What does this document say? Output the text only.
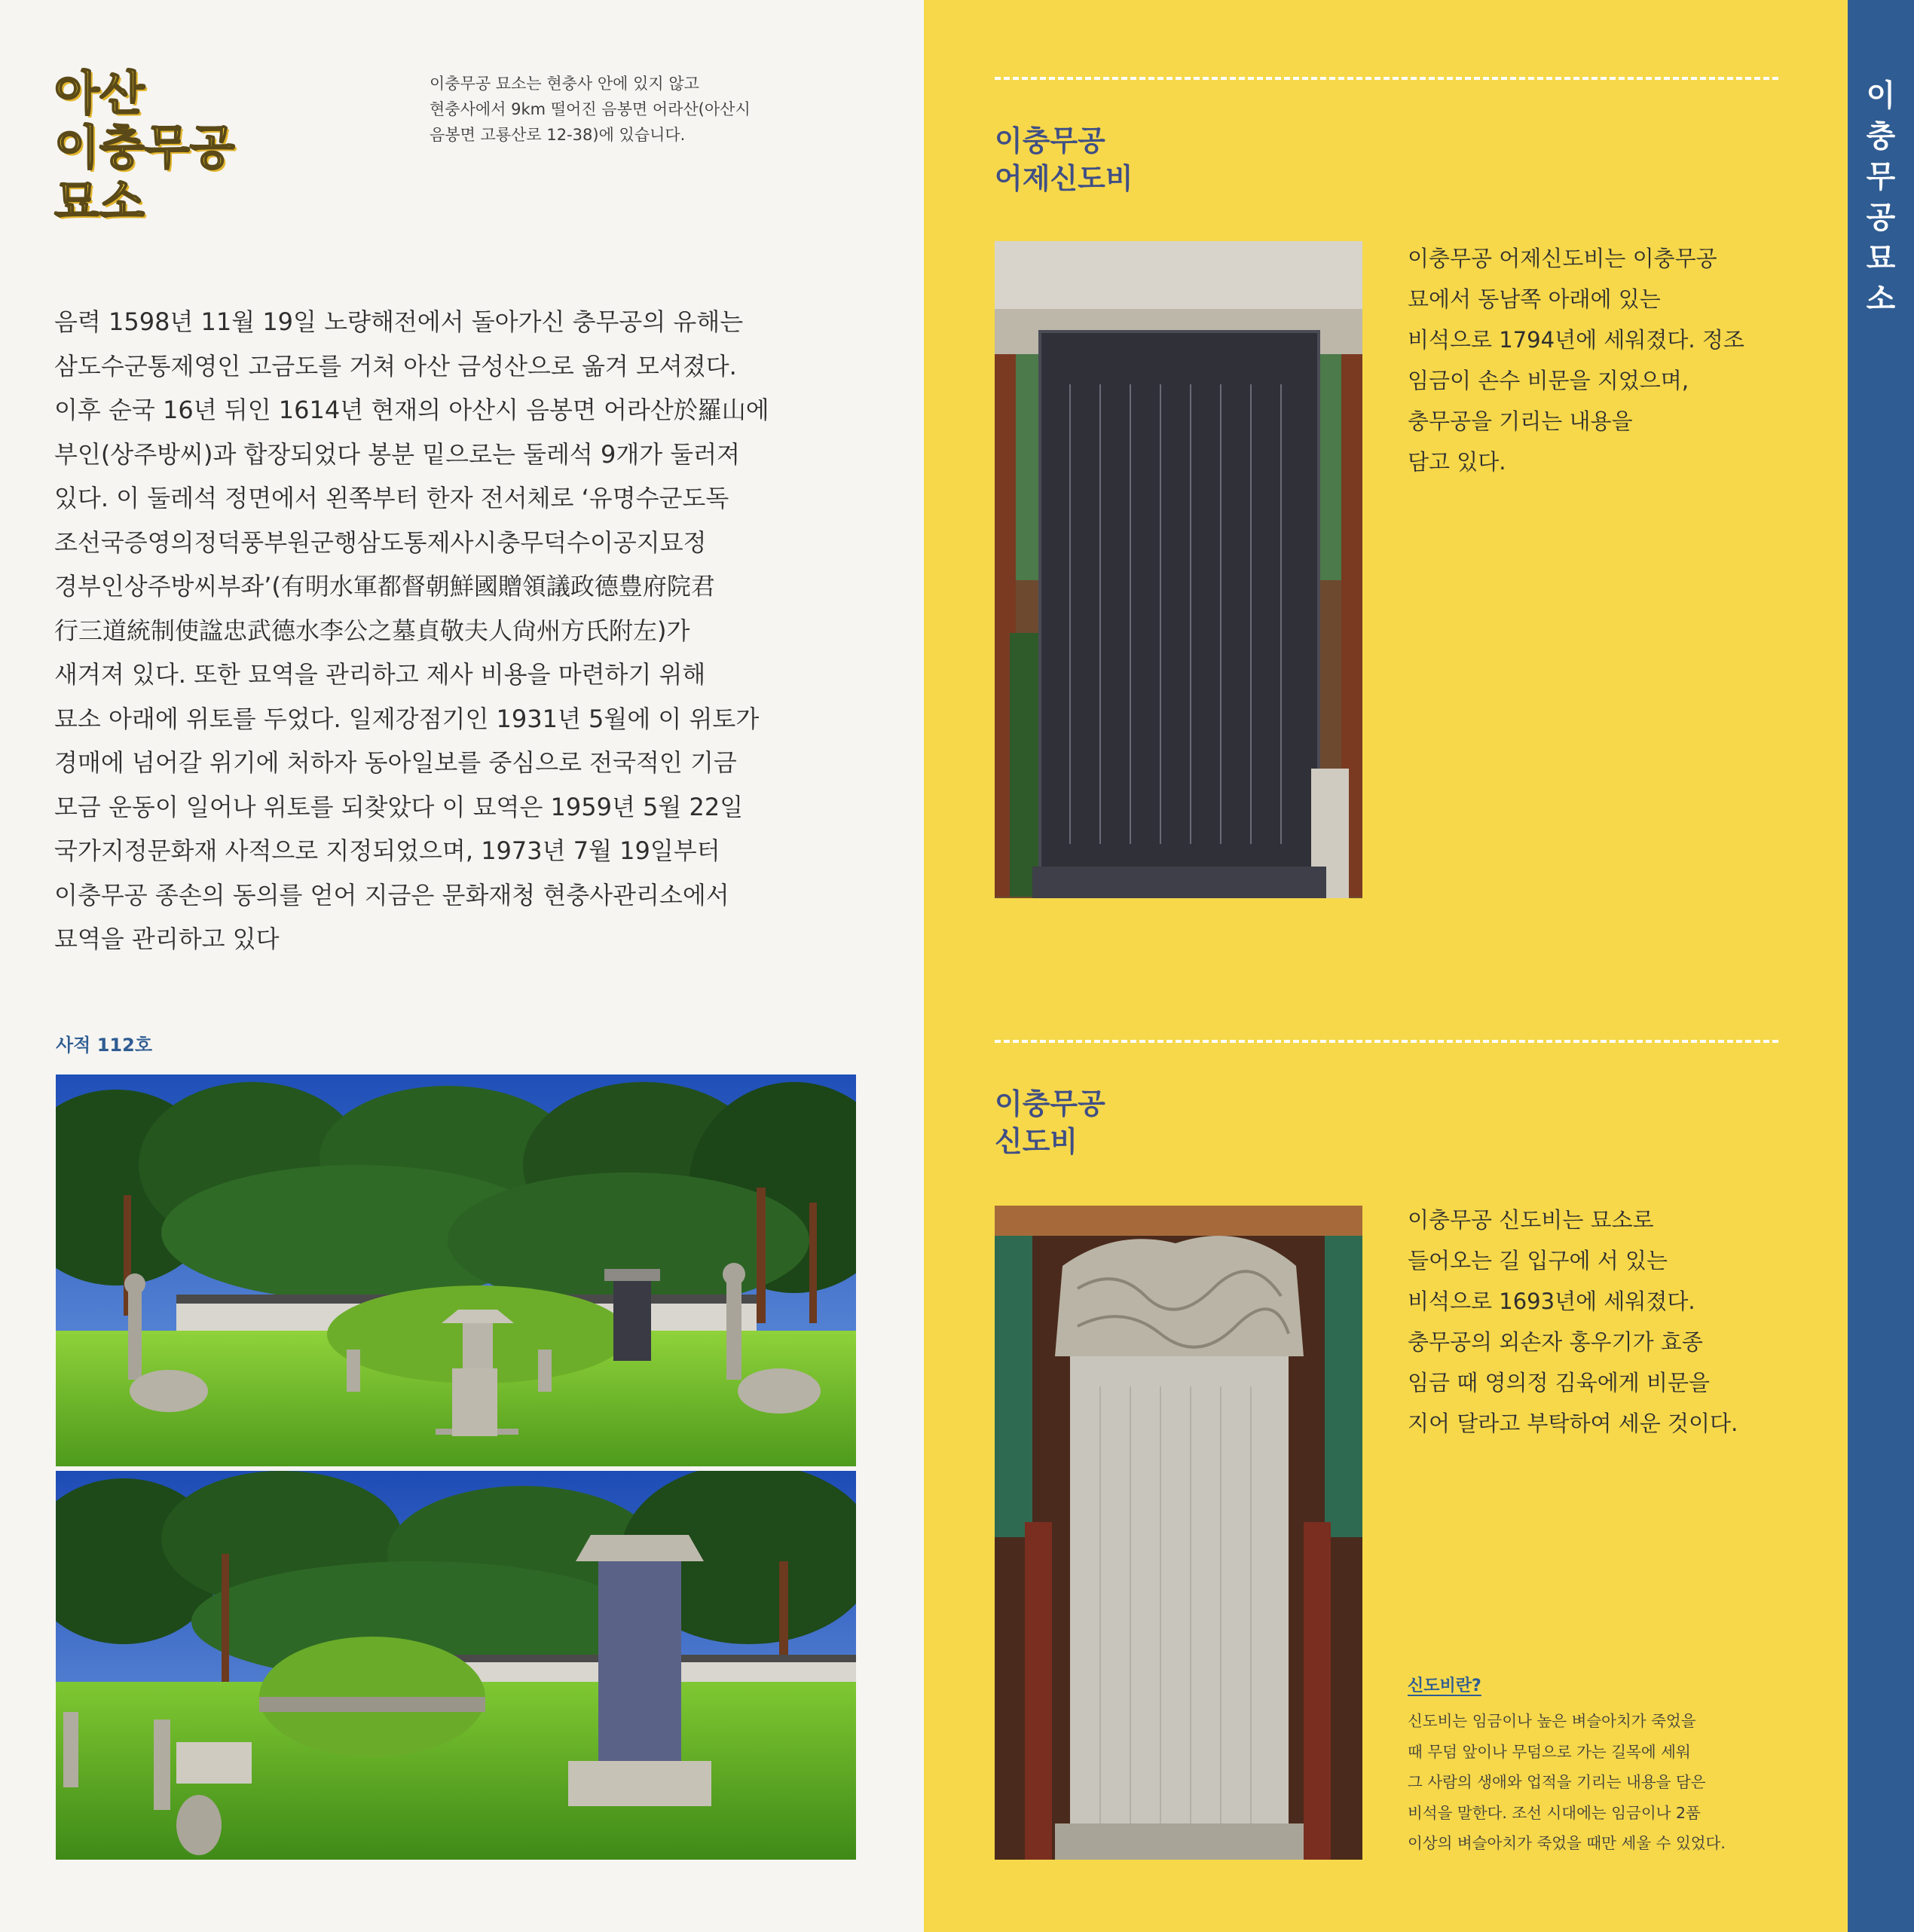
아산
이충무공
묘소
이충무공 묘소는 현충사 안에 있지 않고
현충사에서 9km 떨어진 음봉면 어라산(아산시
음봉면 고룡산로 12-38)에 있습니다.
음력 1598년 11월 19일 노량해전에서 돌아가신 충무공의 유해는
삼도수군통제영인 고금도를 거쳐 아산 금성산으로 옮겨 모셔졌다.
이후 순국 16년 뒤인 1614년 현재의 아산시 음봉면 어라산於羅山에
부인(상주방씨)과 합장되었다 봉분 밑으로는 둘레석 9개가 둘러져
있다. 이 둘레석 정면에서 왼쪽부터 한자 전서체로 ‘유명수군도독
조선국증영의정덕풍부원군행삼도통제사시충무덕수이공지묘정
경부인상주방씨부좌’(有明水軍都督朝鮮國贈領議政德豊府院君
行三道統制使諡忠武德水李公之墓貞敬夫人尙州方氏附左)가
새겨져 있다. 또한 묘역을 관리하고 제사 비용을 마련하기 위해
묘소 아래에 위토를 두었다. 일제강점기인 1931년 5월에 이 위토가
경매에 넘어갈 위기에 처하자 동아일보를 중심으로 전국적인 기금
모금 운동이 일어나 위토를 되찾았다 이 묘역은 1959년 5월 22일
국가지정문화재 사적으로 지정되었으며, 1973년 7월 19일부터
이충무공 종손의 동의를 얻어 지금은 문화재청 현충사관리소에서
묘역을 관리하고 있다
사적 112호
이충무공
어제신도비
이충무공 어제신도비는 이충무공
묘에서 동남쪽 아래에 있는
비석으로 1794년에 세워졌다. 정조
임금이 손수 비문을 지었으며,
충무공을 기리는 내용을
담고 있다.
이충무공
신도비
이충무공 신도비는 묘소로
들어오는 길 입구에 서 있는
비석으로 1693년에 세워졌다.
충무공의 외손자 홍우기가 효종
임금 때 영의정 김육에게 비문을
지어 달라고 부탁하여 세운 것이다.
신도비란?
신도비는 임금이나 높은 벼슬아치가 죽었을
때 무덤 앞이나 무덤으로 가는 길목에 세워
그 사람의 생애와 업적을 기리는 내용을 담은
비석을 말한다. 조선 시대에는 임금이나 2품
이상의 벼슬아치가 죽었을 때만 세울 수 있었다.
이
충
무
공
묘
소
